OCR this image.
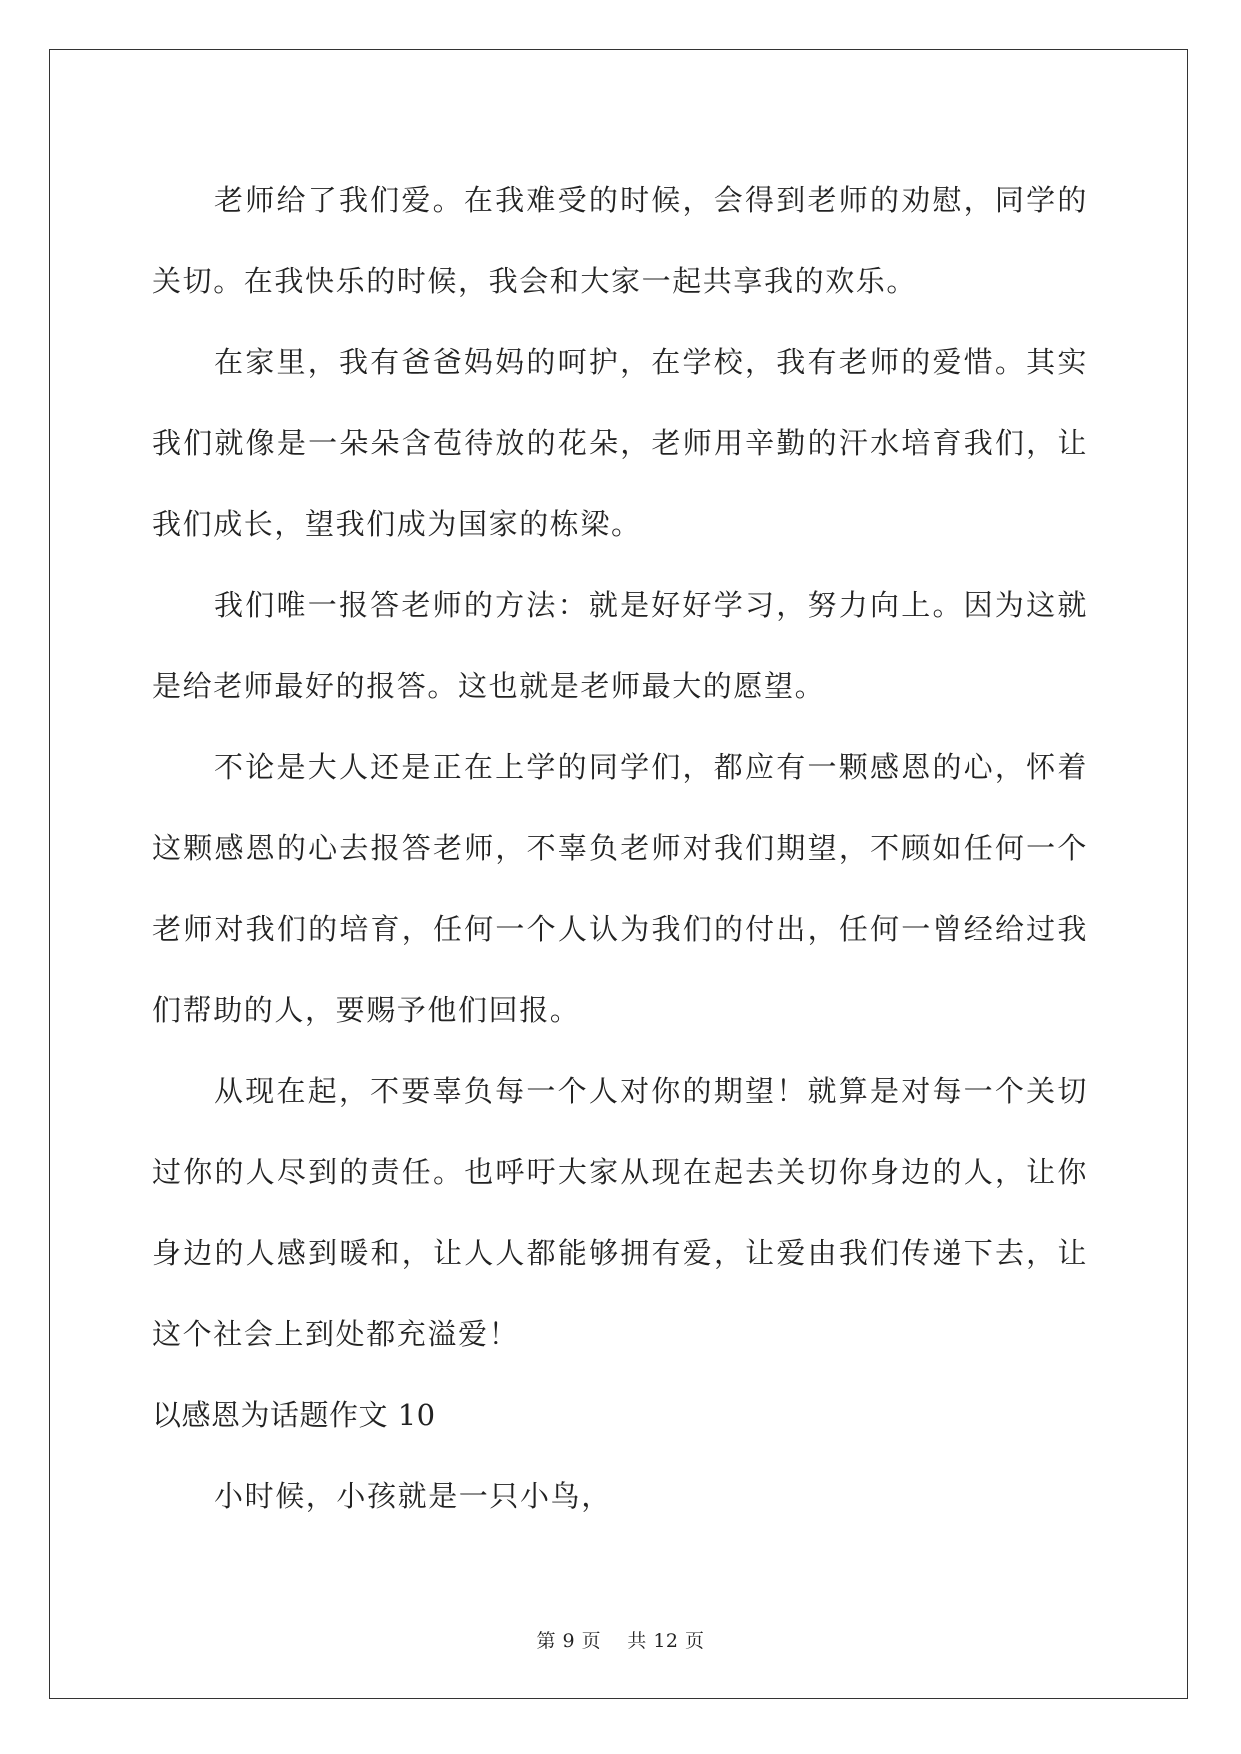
老师给了我们爱。在我难受的时候，会得到老师的劝慰，同学的关切。在我快乐的时候，我会和大家一起共享我的欢乐。

在家里，我有爸爸妈妈的呵护，在学校，我有老师的爱惜。其实我们就像是一朵朵含苞待放的花朵，老师用辛勤的汗水培育我们，让我们成长，望我们成为国家的栋梁。

我们唯一报答老师的方法：就是好好学习，努力向上。因为这就是给老师最好的报答。这也就是老师最大的愿望。

不论是大人还是正在上学的同学们，都应有一颗感恩的心，怀着这颗感恩的心去报答老师，不辜负老师对我们期望，不顾如任何一个老师对我们的培育，任何一个人认为我们的付出，任何一曾经给过我们帮助的人，要赐予他们回报。

从现在起，不要辜负每一个人对你的期望！就算是对每一个关切过你的人尽到的责任。也呼吁大家从现在起去关切你身边的人，让你身边的人感到暖和，让人人都能够拥有爱，让爱由我们传递下去，让这个社会上到处都充溢爱！

以感恩为话题作文 10

小时候，小孩就是一只小鸟，

第 9 页    共 12 页
